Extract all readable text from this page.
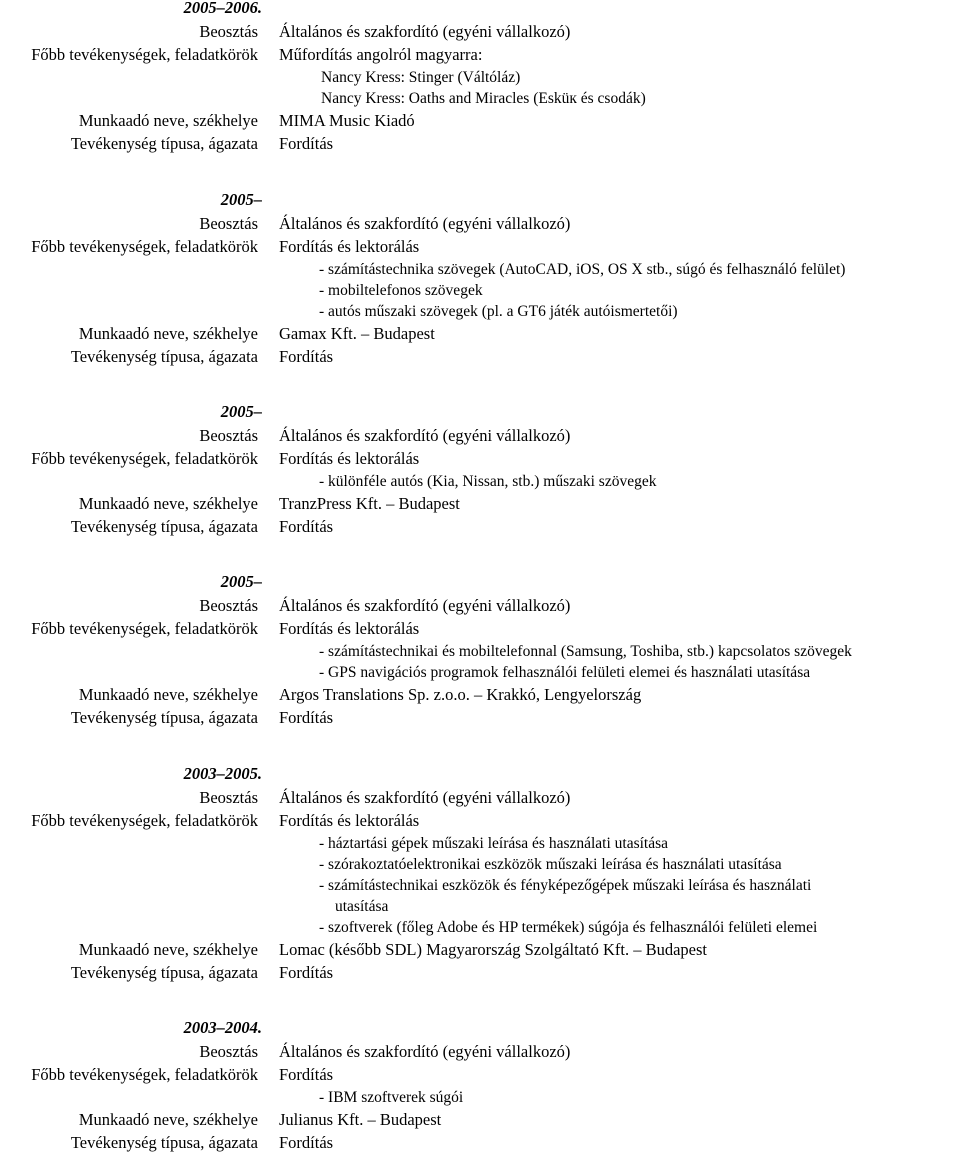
2005–2006.
Beosztás Általános és szakfordító (egyéni vállalkozó)
Főbb tevékenységek, feladatkörök Műfordítás angolról magyarra:
Nancy Kress: Stinger (Váltóláz)
Nancy Kress: Oaths and Miracles (Esküк és csodák)
Munkaadó neve, székhelye MIMA Music Kiadó
Tevékenység típusa, ágazata Fordítás
2005–
Beosztás Általános és szakfordító (egyéni vállalkozó)
Főbb tevékenységek, feladatkörök Fordítás és lektorálás
- számítástechnika szövegek (AutoCAD, iOS, OS X stb., súgó és felhasználó felület)
- mobiltelefonos szövegek
- autós műszaki szövegek (pl. a GT6 játék autóismertetői)
Munkaadó neve, székhelye Gamax Kft. – Budapest
Tevékenység típusa, ágazata Fordítás
2005–
Beosztás Általános és szakfordító (egyéni vállalkozó)
Főbb tevékenységek, feladatkörök Fordítás és lektorálás
- különféle autós (Kia, Nissan, stb.) műszaki szövegek
Munkaadó neve, székhelye TranzPress Kft. – Budapest
Tevékenység típusa, ágazata Fordítás
2005–
Beosztás Általános és szakfordító (egyéni vállalkozó)
Főbb tevékenységek, feladatkörök Fordítás és lektorálás
- számítástechnikai és mobiltelefonnal (Samsung, Toshiba, stb.) kapcsolatos szövegek
- GPS navigációs programok felhasználói felületi elemei és használati utasítása
Munkaadó neve, székhelye Argos Translations Sp. z.o.o. – Krakkó, Lengyelország
Tevékenység típusa, ágazata Fordítás
2003–2005.
Beosztás Általános és szakfordító (egyéni vállalkozó)
Főbb tevékenységek, feladatkörök Fordítás és lektorálás
- háztartási gépek műszaki leírása és használati utasítása
- szórakoztatóelektronikai eszközök műszaki leírása és használati utasítása
- számítástechnikai eszközök és fényképezőgépek műszaki leírása és használati
utasítása
- szoftverek (főleg Adobe és HP termékek) súgója és felhasználói felületi elemei
Munkaadó neve, székhelye Lomac (később SDL) Magyarország Szolgáltató Kft. – Budapest
Tevékenység típusa, ágazata Fordítás
2003–2004.
Beosztás Általános és szakfordító (egyéni vállalkozó)
Főbb tevékenységek, feladatkörök Fordítás
- IBM szoftverek súgói
Munkaadó neve, székhelye Julianus Kft. – Budapest
Tevékenység típusa, ágazata Fordítás
